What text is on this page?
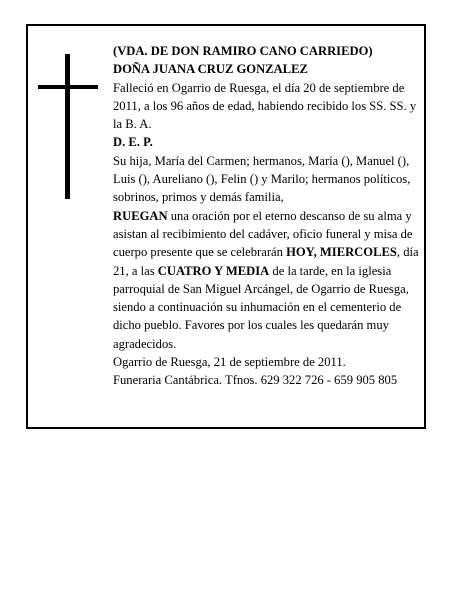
(VDA. DE DON RAMIRO CANO CARRIEDO)

DOÑA JUANA CRUZ GONZALEZ

Falleció en Ogarrio de Ruesga, el día 20 de septiembre de 2011, a los 96 años de edad, habiendo recibido los SS. SS. y la B. A.

D. E. P.

Su hija, María del Carmen; hermanos, María (), Manuel (), Luis (), Aureliano (), Felin () y Marilo; hermanos políticos, sobrinos, primos y demás familia,

RUEGAN una oración por el eterno descanso de su alma y asistan al recibimiento del cadáver, oficio funeral y misa de cuerpo presente que se celebrarán HOY, MIERCOLES, día 21, a las CUATRO Y MEDIA de la tarde, en la iglesia parroquial de San Miguel Arcángel, de Ogarrio de Ruesga, siendo a continuación su inhumación en el cementerio de dicho pueblo. Favores por los cuales les quedarán muy agradecidos.

Ogarrio de Ruesga, 21 de septiembre de 2011.

Funeraria Cantábrica. Tfnos. 629 322 726 - 659 905 805
